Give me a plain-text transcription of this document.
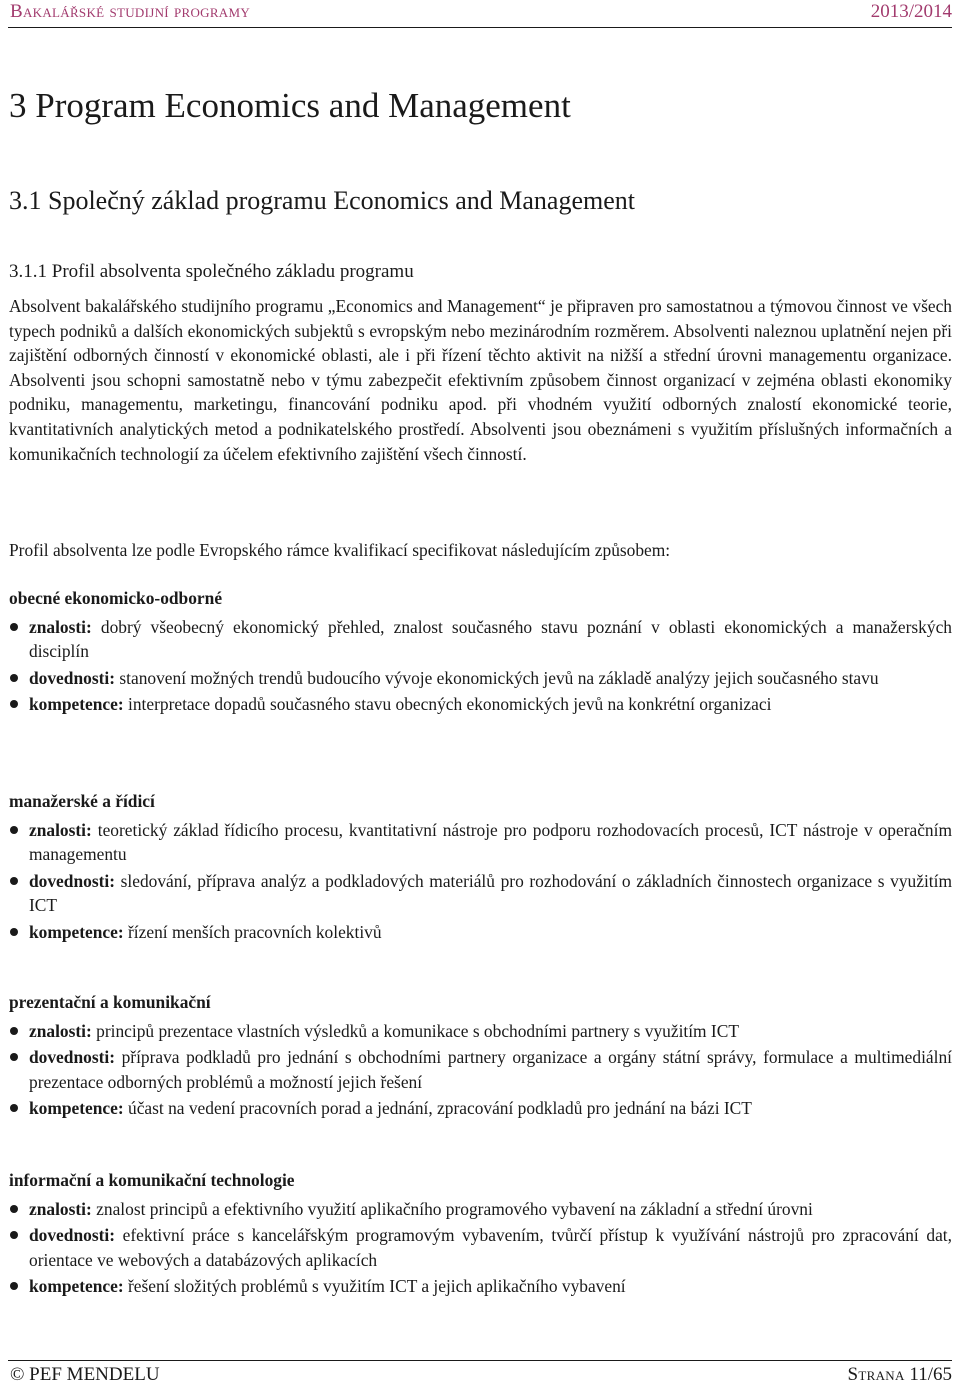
Bakalářské studijní programy	2013/2014
3 Program Economics and Management
3.1 Společný základ programu Economics and Management
3.1.1 Profil absolventa společného základu programu

Absolvent bakalářského studijního programu „Economics and Management“ je připraven pro samostatnou a týmovou činnost ve všech typech podniků a dalších ekonomických subjektů s evropským nebo mezinárodním rozměrem. Absolventi naleznou uplatnění nejen při zajištění odborných činností v ekonomické oblasti, ale i při řízení těchto aktivit na nižší a střední úrovni managementu organizace. Absolventi jsou schopni samostatně nebo v týmu zabezpečit efektivním způsobem činnost organizací v zejména oblasti ekonomiky podniku, managementu, marketingu, financování podniku apod. při vhodném využití odborných znalostí ekonomické teorie, kvantitativních analytických metod a podnikatelského prostředí. Absolventi jsou obeznámeni s využitím příslušných informačních a komunikačních technologií za účelem efektivního zajištění všech činností.

Profil absolventa lze podle Evropského rámce kvalifikací specifikovat následujícím způsobem:

obecné ekonomicko-odborné

znalosti: dobrý všeobecný ekonomický přehled, znalost současného stavu poznání v oblasti ekonomických a manažerských disciplín
dovednosti: stanovení možných trendů budoucího vývoje ekonomických jevů na základě analýzy jejich současného stavu
kompetence: interpretace dopadů současného stavu obecných ekonomických jevů na konkrétní organizaci

manažerské a řídicí

znalosti: teoretický základ řídicího procesu, kvantitativní nástroje pro podporu rozhodovacích procesů, ICT nástroje v operačním managementu
dovednosti: sledování, příprava analýz a podkladových materiálů pro rozhodování o základních činnostech organizace s využitím ICT
kompetence: řízení menších pracovních kolektivů

prezentační a komunikační

znalosti: principů prezentace vlastních výsledků a komunikace s obchodními partnery s využitím ICT
dovednosti: příprava podkladů pro jednání s obchodními partnery organizace a orgány státní správy, formulace a multimediální prezentace odborných problémů a možností jejich řešení
kompetence: účast na vedení pracovních porad a jednání, zpracování podkladů pro jednání na bázi ICT

informační a komunikační technologie

znalosti: znalost principů a efektivního využití aplikačního programového vybavení na základní a střední úrovni
dovednosti: efektivní práce s kancelářským programovým vybavením, tvůrčí přístup k využívání nástrojů pro zpracování dat, orientace ve webových a databázových aplikacích
kompetence: řešení složitých problémů s využitím ICT a jejich aplikačního vybavení
© PEF MENDELU	Strana 11/65
